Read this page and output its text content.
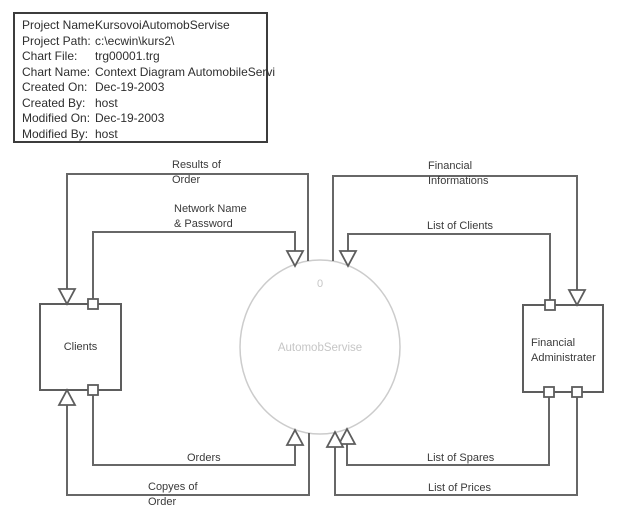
Project Name:KursovoiAutomobServise
Project Path: c:\ecwin\kurs2\
Chart File: trg00001.trg
Chart Name: Context Diagram AutomobileServi
Created On: Dec-19-2003
Created By: host
Modified On: Dec-19-2003
Modified By: host
Clients	Financial Administrater
0
AutomobServise
Results of Order
Network Name & Password
Financial Informations
List of Clients
Orders
Copyes of Order
List of Spares
List of Prices
